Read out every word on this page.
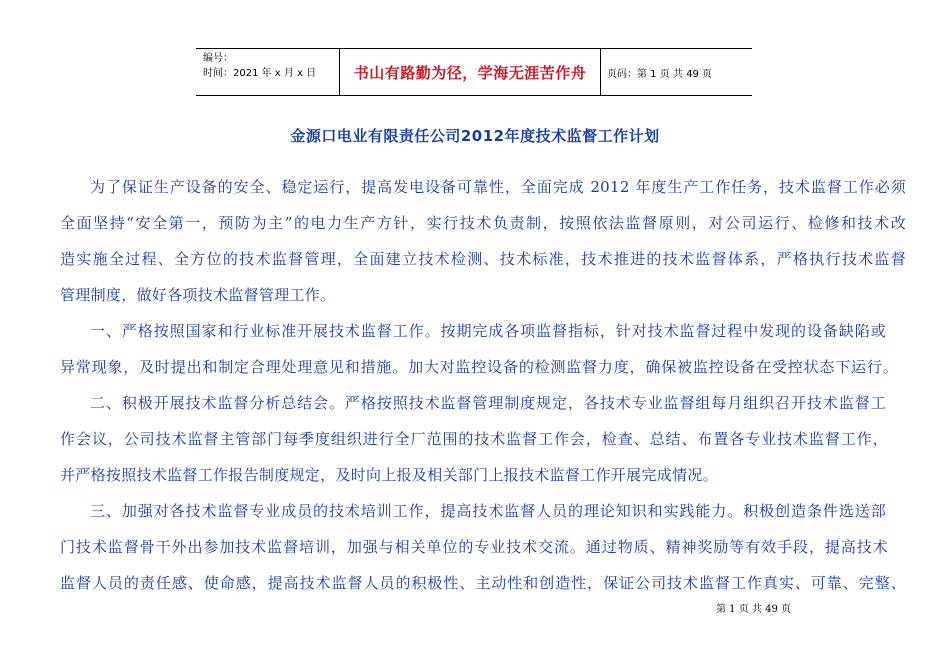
编号：
时间：2021 年 x 月 x 日	书山有路勤为径，学海无涯苦作舟	页码：第 1 页 共 49 页
金源口电业有限责任公司2012年度技术监督工作计划
为了保证生产设备的安全、稳定运行，提高发电设备可靠性，全面完成 2012 年度生产工作任务，技术监督工作必须
全面坚持“安全第一，预防为主”的电力生产方针，实行技术负责制，按照依法监督原则，对公司运行、检修和技术改
造实施全过程、全方位的技术监督管理，全面建立技术检测、技术标准，技术推进的技术监督体系，严格执行技术监督
管理制度，做好各项技术监督管理工作。
一、严格按照国家和行业标准开展技术监督工作。按期完成各项监督指标，针对技术监督过程中发现的设备缺陷或
异常现象，及时提出和制定合理处理意见和措施。加大对监控设备的检测监督力度，确保被监控设备在受控状态下运行。
二、积极开展技术监督分析总结会。严格按照技术监督管理制度规定，各技术专业监督组每月组织召开技术监督工
作会议，公司技术监督主管部门每季度组织进行全厂范围的技术监督工作会，检查、总结、布置各专业技术监督工作，
并严格按照技术监督工作报告制度规定，及时向上报及相关部门上报技术监督工作开展完成情况。
三、加强对各技术监督专业成员的技术培训工作，提高技术监督人员的理论知识和实践能力。积极创造条件选送部
门技术监督骨干外出参加技术监督培训，加强与相关单位的专业技术交流。通过物质、精神奖励等有效手段，提高技术
监督人员的责任感、使命感，提高技术监督人员的积极性、主动性和创造性，保证公司技术监督工作真实、可靠、完整、
第 1 页 共 49 页
